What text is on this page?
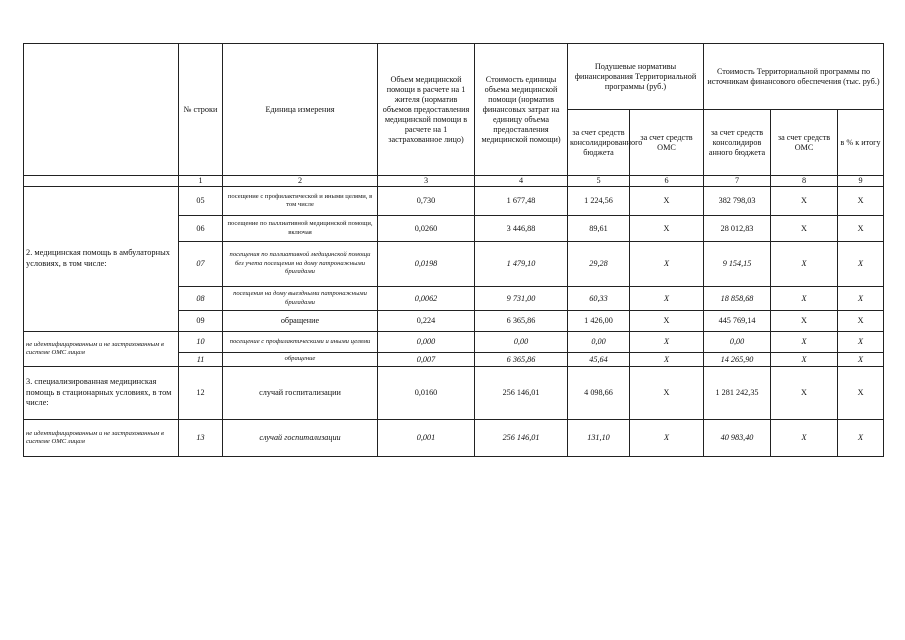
	№ строки	Единица измерения	Объем медицинской помощи в расчете на 1 жителя (норматив объемов предоставления медицинской помощи в расчете на 1 застрахованное лицо)	Стоимость единицы объема медицинской помощи (норматив финансовых затрат на единицу объема предоставления медицинской помощи)	Подушевые нормативы финансирования Территориальной программы (руб.)		Стоимость Территориальной программы по источникам финансового обеспечения (тыс. руб.)		
					за счет средств консолидированного бюджета	за счет средств ОМС	за счет средств консолидиров анного бюджета	за счет средств ОМС	в % к итогу
	1	2	3	4	5	6	7	8	9
2. медицинская помощь в амбулаторных условиях, в том числе:	05	посещение с профилактической и иными целями, в том числе	0,730	1 677,48	1 224,56	X	382 798,03	X	X
	06	посещение по паллиативной медицинской помощи, включая	0,0260	3 446,88	89,61	X	28 012,83	X	X
	07	посещения по паллиативной медицинской помощи без учета посещения на дому патронажными бригадами	0,0198	1 479,10	29,28	X	9 154,15	X	X
	08	посещения на дому выездными патронажными бригадами	0,0062	9 731,00	60,33	X	18 858,68	X	X
	09	обращение	0,224	6 365,86	1 426,00	X	445 769,14	X	X
не идентифицированным и не застрахованным в системе ОМС лицам	10	посещение с профилактическими и иными целями	0,000	0,00	0,00	X	0,00	X	X
	11	обращение	0,007	6 365,86	45,64	X	14 265,90	X	X
3. специализированная медицинская помощь в стационарных условиях, в том числе:	12	случай госпитализации	0,0160	256 146,01	4 098,66	X	1 281 242,35	X	X
не идентифицированным и не застрахованным в системе ОМС лицам	13	случай госпитализации	0,001	256 146,01	131,10	X	40 983,40	X	X
